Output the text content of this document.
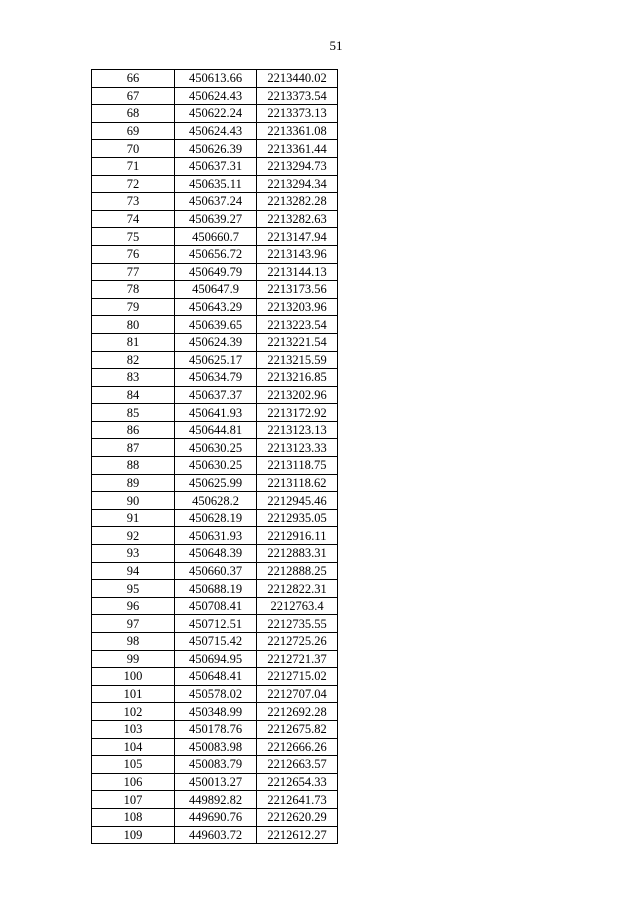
51
66	450613.66	2213440.02
67	450624.43	2213373.54
68	450622.24	2213373.13
69	450624.43	2213361.08
70	450626.39	2213361.44
71	450637.31	2213294.73
72	450635.11	2213294.34
73	450637.24	2213282.28
74	450639.27	2213282.63
75	450660.7	2213147.94
76	450656.72	2213143.96
77	450649.79	2213144.13
78	450647.9	2213173.56
79	450643.29	2213203.96
80	450639.65	2213223.54
81	450624.39	2213221.54
82	450625.17	2213215.59
83	450634.79	2213216.85
84	450637.37	2213202.96
85	450641.93	2213172.92
86	450644.81	2213123.13
87	450630.25	2213123.33
88	450630.25	2213118.75
89	450625.99	2213118.62
90	450628.2	2212945.46
91	450628.19	2212935.05
92	450631.93	2212916.11
93	450648.39	2212883.31
94	450660.37	2212888.25
95	450688.19	2212822.31
96	450708.41	2212763.4
97	450712.51	2212735.55
98	450715.42	2212725.26
99	450694.95	2212721.37
100	450648.41	2212715.02
101	450578.02	2212707.04
102	450348.99	2212692.28
103	450178.76	2212675.82
104	450083.98	2212666.26
105	450083.79	2212663.57
106	450013.27	2212654.33
107	449892.82	2212641.73
108	449690.76	2212620.29
109	449603.72	2212612.27
